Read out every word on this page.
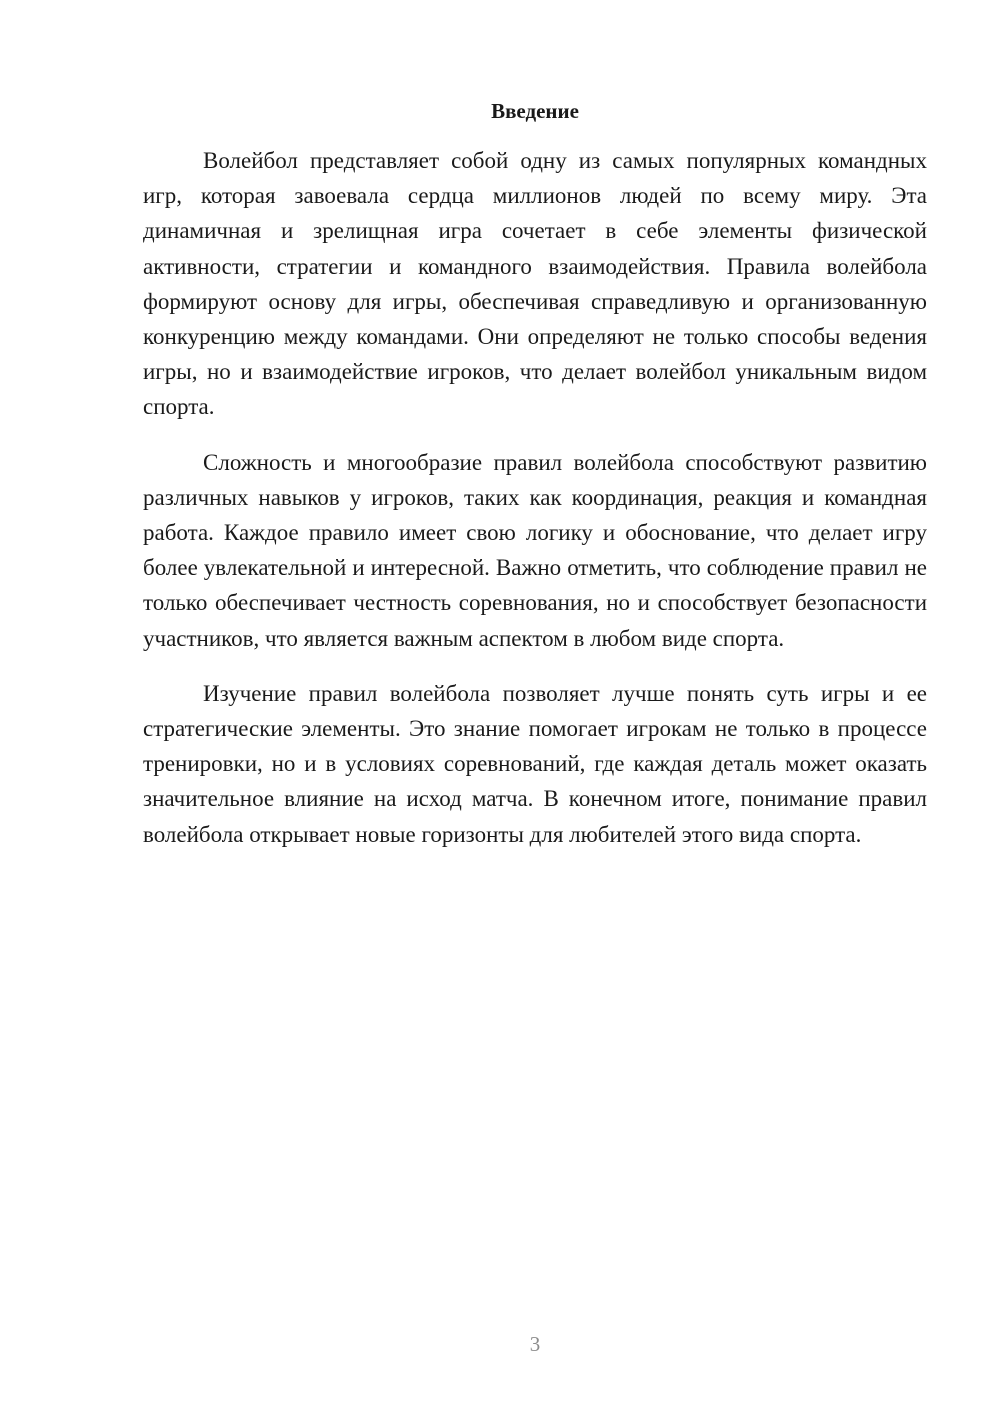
Введение

Волейбол представляет собой одну из самых популярных командных игр, которая завоевала сердца миллионов людей по всему миру. Эта динамичная и зрелищная игра сочетает в себе элементы физической активности, стратегии и командного взаимодействия. Правила волейбола формируют основу для игры, обеспечивая справедливую и организованную конкуренцию между командами. Они определяют не только способы ведения игры, но и взаимодействие игроков, что делает волейбол уникальным видом спорта.

Сложность и многообразие правил волейбола способствуют развитию различных навыков у игроков, таких как координация, реакция и командная работа. Каждое правило имеет свою логику и обоснование, что делает игру более увлекательной и интересной. Важно отметить, что соблюдение правил не только обеспечивает честность соревнования, но и способствует безопасности участников, что является важным аспектом в любом виде спорта.

Изучение правил волейбола позволяет лучше понять суть игры и ее стратегические элементы. Это знание помогает игрокам не только в процессе тренировки, но и в условиях соревнований, где каждая деталь может оказать значительное влияние на исход матча. В конечном итоге, понимание правил волейбола открывает новые горизонты для любителей этого вида спорта.

3
